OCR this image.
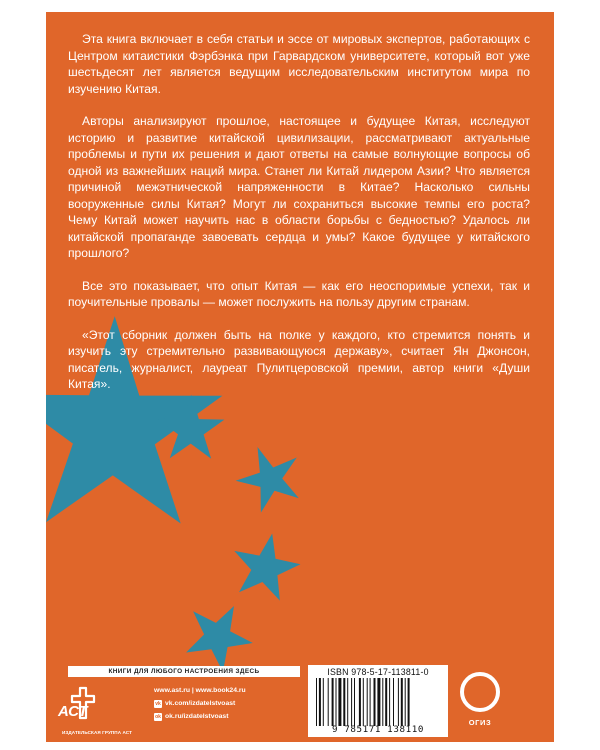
Эта книга включает в себя статьи и эссе от мировых экспертов, работающих с Центром китаистики Фэрбэнка при Гарвардском университете, который вот уже шестьдесят лет является ведущим исследовательским институтом мира по изучению Китая.

Авторы анализируют прошлое, настоящее и будущее Китая, исследуют историю и развитие китайской цивилизации, рассматривают актуальные проблемы и пути их решения и дают ответы на самые волнующие вопросы об одной из важнейших наций мира. Станет ли Китай лидером Азии? Что является причиной межэтнической напряженности в Китае? Насколько сильны вооруженные силы Китая? Могут ли сохраниться высокие темпы его роста? Чему Китай может научить нас в области борьбы с бедностью? Удалось ли китайской пропаганде завоевать сердца и умы? Какое будущее у китайского прошлого?

Все это показывает, что опыт Китая — как его неоспоримые успехи, так и поучительные провалы — может послужить на пользу другим странам.

«Этот сборник должен быть на полке у каждого, кто стремится понять и изучить эту стремительно развивающуюся державу», считает Ян Джонсон, писатель, журналист, лауреат Пулитцеровской премии, автор книги «Души Китая».

КНИГИ ДЛЯ ЛЮБОГО НАСТРОЕНИЯ ЗДЕСЬ
АСТ
ИЗДАТЕЛЬСКАЯ ГРУППА АСТ
www.ast.ru | www.book24.ru
vk vk.com/izdatelstvoast
ok ok.ru/izdatelstvoast
ISBN 978-5-17-113811-0
9 785171 138110
ОГИЗ
